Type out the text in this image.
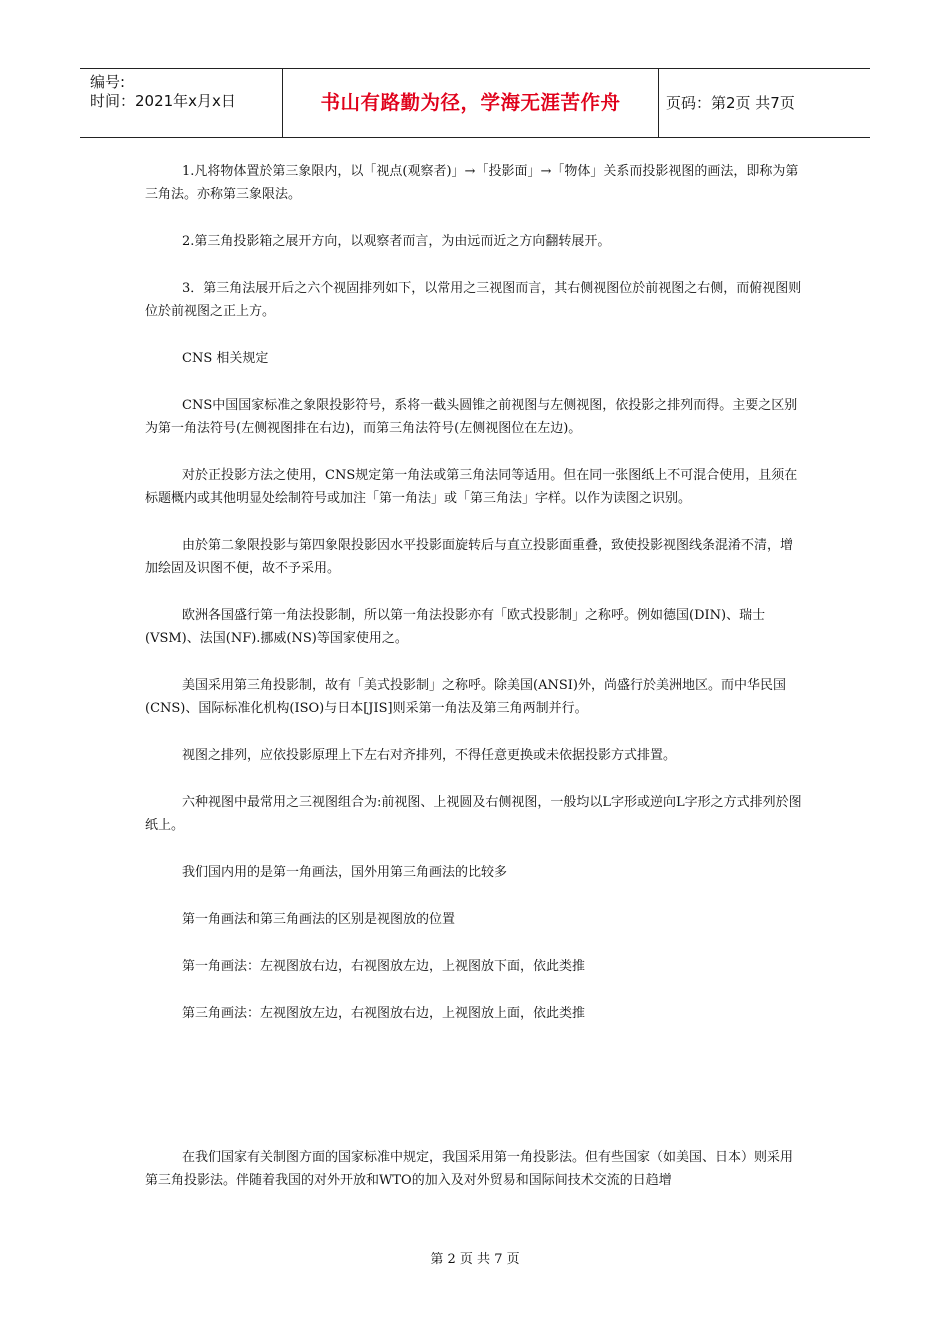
编号:
时间：2021年x月x日	书山有路勤为径，学海无涯苦作舟	页码：第2页 共7页

1.凡将物体置於第三象限内，以「视点(观察者)」→「投影面」→「物体」关系而投影视图的画法，即称为第三角法。亦称第三象限法。

2.第三角投影箱之展开方向，以观察者而言，为由远而近之方向翻转展开。

3．第三角法展开后之六个视固排列如下，以常用之三视图而言，其右侧视图位於前视图之右侧，而俯视图则位於前视图之正上方。

CNS 相关规定

CNS中国国家标准之象限投影符号，系将一截头圆锥之前视图与左侧视图，依投影之排列而得。主要之区别为第一角法符号(左侧视图排在右边)，而第三角法符号(左侧视图位在左边)。

对於正投影方法之使用，CNS规定第一角法或第三角法同等适用。但在同一张图纸上不可混合使用，且须在标题概内或其他明显处绘制符号或加注「第一角法」或「第三角法」字样。以作为读图之识别。

由於第二象限投影与第四象限投影因水平投影面旋转后与直立投影面重叠，致使投影视图线条混淆不清，增加绘固及识图不便，故不予采用。

欧洲各国盛行第一角法投影制，所以第一角法投影亦有「欧式投影制」之称呼。例如德国(DIN)、瑞士(VSM)、法国(NF).挪威(NS)等国家使用之。

美国采用第三角投影制，故有「美式投影制」之称呼。除美国(ANSI)外，尚盛行於美洲地区。而中华民国(CNS)、国际标准化机构(ISO)与日本[JIS]则采第一角法及第三角两制并行。

视图之排列，应依投影原理上下左右对齐排列，不得任意更换或未依据投影方式排置。

六种视图中最常用之三视图组合为:前视图、上视圆及右侧视图，一般均以L字形或逆向L字形之方式排列於图纸上。

我们国内用的是第一角画法，国外用第三角画法的比较多

第一角画法和第三角画法的区别是视图放的位置

第一角画法：左视图放右边，右视图放左边，上视图放下面，依此类推

第三角画法：左视图放左边，右视图放右边，上视图放上面，依此类推

在我们国家有关制图方面的国家标准中规定，我国采用第一角投影法。但有些国家（如美国、日本）则采用第三角投影法。伴随着我国的对外开放和WTO的加入及对外贸易和国际间技术交流的日趋增

第 2 页 共 7 页
